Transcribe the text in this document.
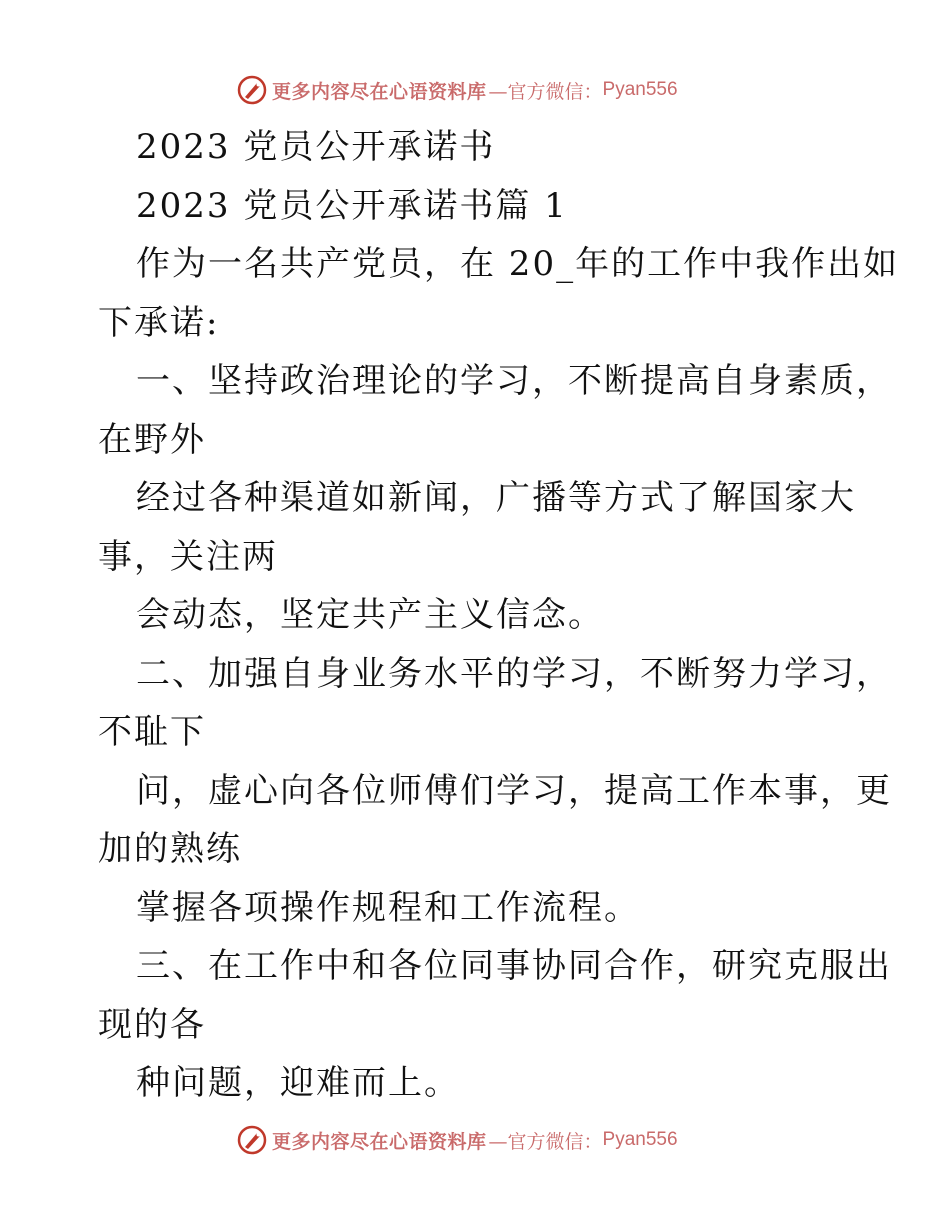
更多内容尽在心语资料库 —官方微信： Pyan556
2023 党员公开承诺书
2023 党员公开承诺书篇 1
作为一名共产党员，在 20_年的工作中我作出如
下承诺:
一、坚持政治理论的学习，不断提高自身素质，
在野外
经过各种渠道如新闻，广播等方式了解国家大
事，关注两
会动态，坚定共产主义信念。
二、加强自身业务水平的学习，不断努力学习，
不耻下
问，虚心向各位师傅们学习，提高工作本事，更
加的熟练
掌握各项操作规程和工作流程。
三、在工作中和各位同事协同合作，研究克服出
现的各
种问题，迎难而上。
更多内容尽在心语资料库 —官方微信： Pyan556
